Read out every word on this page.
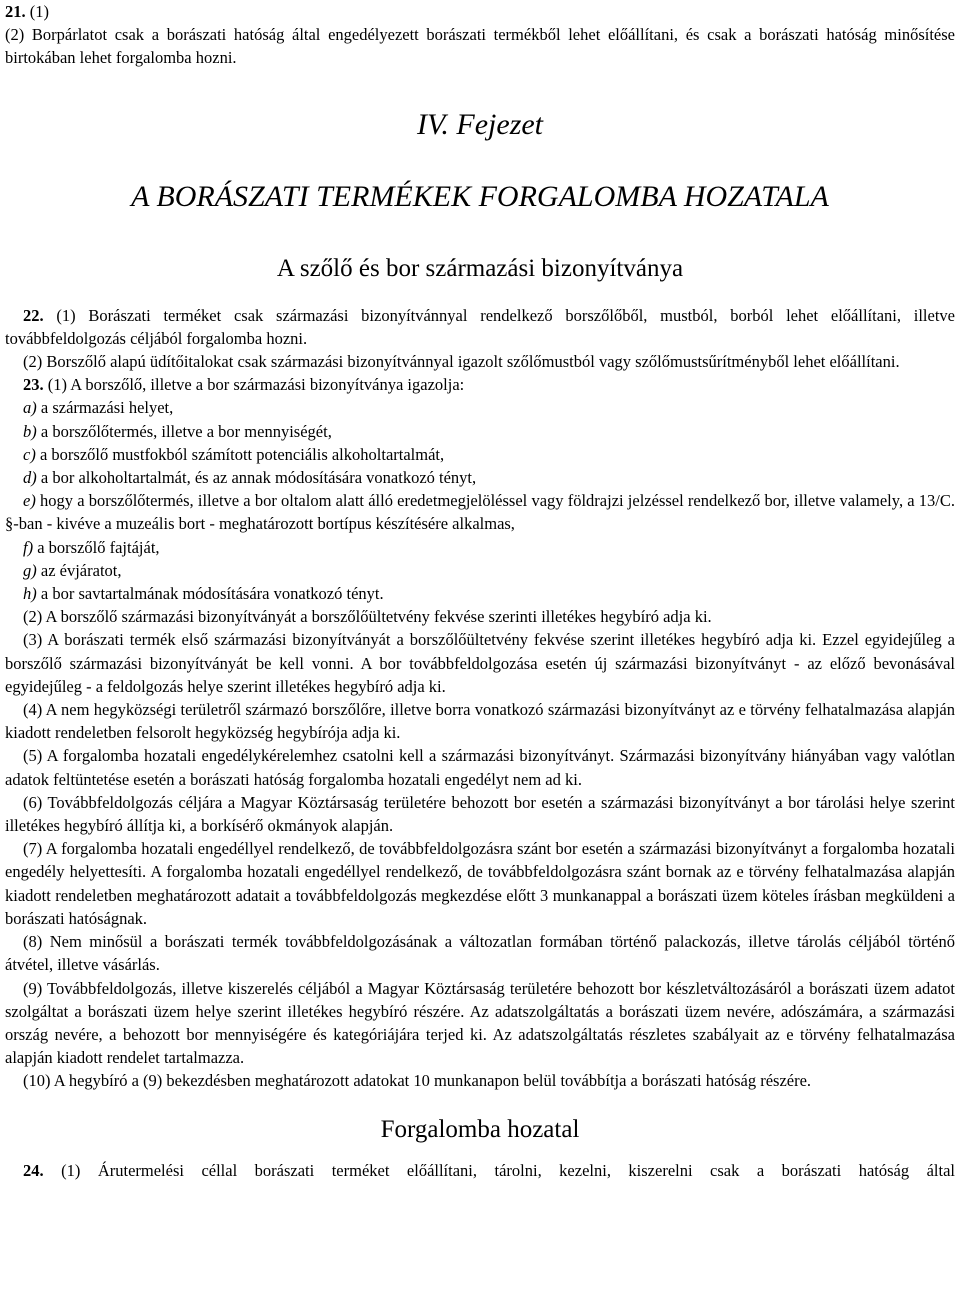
21. (1)

(2) Borpárlatot csak a borászati hatóság által engedélyezett borászati termékből lehet előállítani, és csak a borászati hatóság minősítése birtokában lehet forgalomba hozni.

IV. Fejezet

A BORÁSZATI TERMÉKEK FORGALOMBA HOZATALA

A szőlő és bor származási bizonyítványa

22. (1) Borászati terméket csak származási bizonyítvánnyal rendelkező borszőlőből, mustból, borból lehet előállítani, illetve továbbfeldolgozás céljából forgalomba hozni.

(2) Borszőlő alapú üdítőitalokat csak származási bizonyítvánnyal igazolt szőlőmustból vagy szőlőmustsűrítményből lehet előállítani.

23. (1) A borszőlő, illetve a bor származási bizonyítványa igazolja:

a) a származási helyet,

b) a borszőlőtermés, illetve a bor mennyiségét,

c) a borszőlő mustfokból számított potenciális alkoholtartalmát,

d) a bor alkoholtartalmát, és az annak módosítására vonatkozó tényt,

e) hogy a borszőlőtermés, illetve a bor oltalom alatt álló eredetmegjelöléssel vagy földrajzi jelzéssel rendelkező bor, illetve valamely, a 13/C. §-ban - kivéve a muzeális bort - meghatározott bortípus készítésére alkalmas,

f) a borszőlő fajtáját,

g) az évjáratot,

h) a bor savtartalmának módosítására vonatkozó tényt.

(2) A borszőlő származási bizonyítványát a borszőlőültetvény fekvése szerinti illetékes hegybíró adja ki.

(3) A borászati termék első származási bizonyítványát a borszőlőültetvény fekvése szerint illetékes hegybíró adja ki. Ezzel egyidejűleg a borszőlő származási bizonyítványát be kell vonni. A bor továbbfeldolgozása esetén új származási bizonyítványt - az előző bevonásával egyidejűleg - a feldolgozás helye szerint illetékes hegybíró adja ki.

(4) A nem hegyközségi területről származó borszőlőre, illetve borra vonatkozó származási bizonyítványt az e törvény felhatalmazása alapján kiadott rendeletben felsorolt hegyközség hegybírója adja ki.

(5) A forgalomba hozatali engedélykérelemhez csatolni kell a származási bizonyítványt. Származási bizonyítvány hiányában vagy valótlan adatok feltüntetése esetén a borászati hatóság forgalomba hozatali engedélyt nem ad ki.

(6) Továbbfeldolgozás céljára a Magyar Köztársaság területére behozott bor esetén a származási bizonyítványt a bor tárolási helye szerint illetékes hegybíró állítja ki, a borkísérő okmányok alapján.

(7) A forgalomba hozatali engedéllyel rendelkező, de továbbfeldolgozásra szánt bor esetén a származási bizonyítványt a forgalomba hozatali engedély helyettesíti. A forgalomba hozatali engedéllyel rendelkező, de továbbfeldolgozásra szánt bornak az e törvény felhatalmazása alapján kiadott rendeletben meghatározott adatait a továbbfeldolgozás megkezdése előtt 3 munkanappal a borászati üzem köteles írásban megküldeni a borászati hatóságnak.

(8) Nem minősül a borászati termék továbbfeldolgozásának a változatlan formában történő palackozás, illetve tárolás céljából történő átvétel, illetve vásárlás.

(9) Továbbfeldolgozás, illetve kiszerelés céljából a Magyar Köztársaság területére behozott bor készletváltozásáról a borászati üzem adatot szolgáltat a borászati üzem helye szerint illetékes hegybíró részére. Az adatszolgáltatás a borászati üzem nevére, adószámára, a származási ország nevére, a behozott bor mennyiségére és kategóriájára terjed ki. Az adatszolgáltatás részletes szabályait az e törvény felhatalmazása alapján kiadott rendelet tartalmazza.

(10) A hegybíró a (9) bekezdésben meghatározott adatokat 10 munkanapon belül továbbítja a borászati hatóság részére.

Forgalomba hozatal

24. (1) Árutermelési céllal borászati terméket előállítani, tárolni, kezelni, kiszerelni csak a borászati hatóság által
